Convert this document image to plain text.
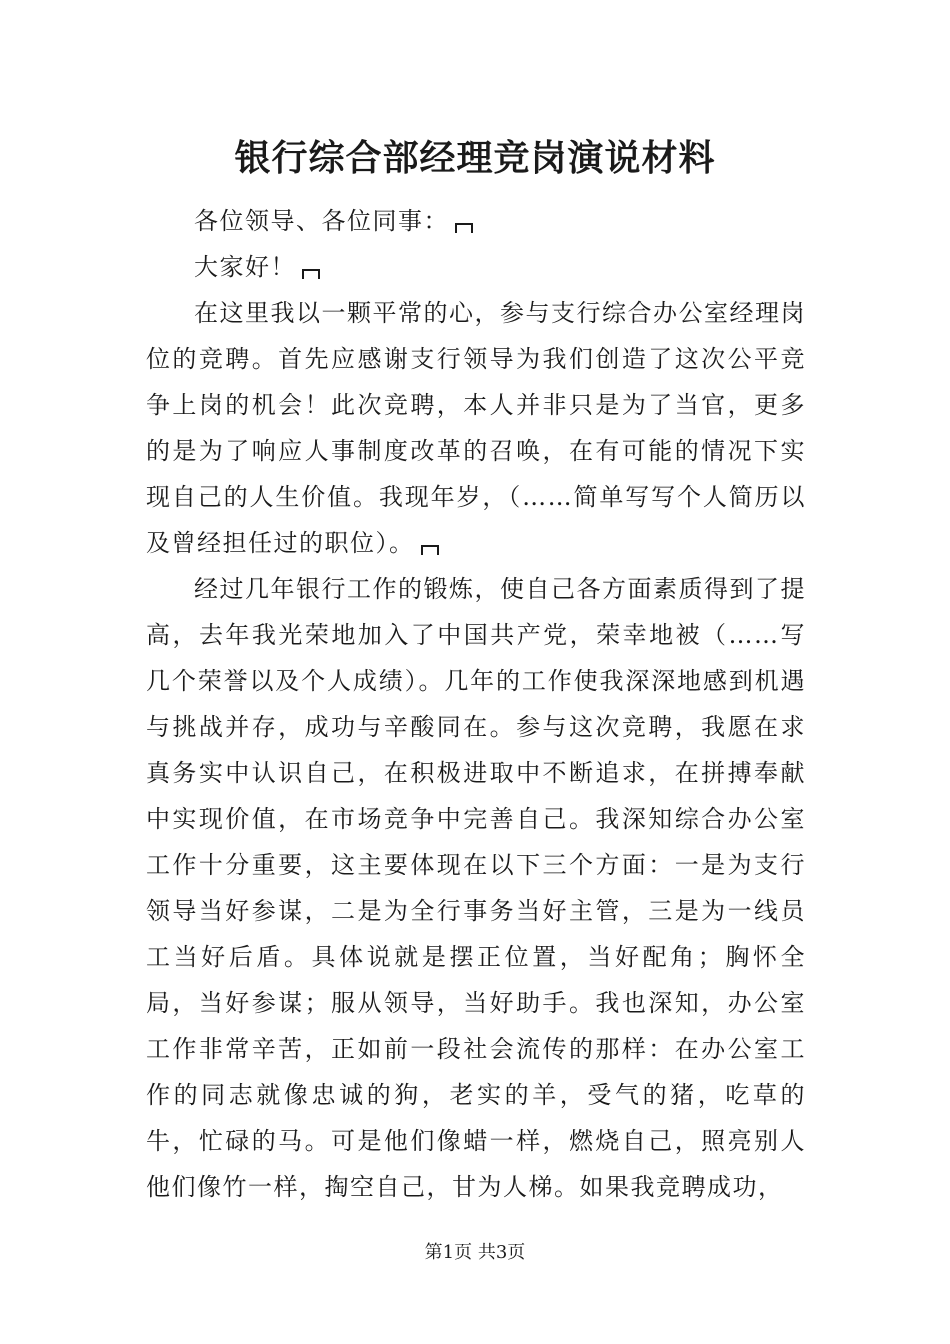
银行综合部经理竞岗演说材料

各位领导、各位同事：

大家好！

在这里我以一颗平常的心，参与支行综合办公室经理岗位的竞聘。首先应感谢支行领导为我们创造了这次公平竞争上岗的机会！此次竞聘，本人并非只是为了当官，更多的是为了响应人事制度改革的召唤，在有可能的情况下实现自己的人生价值。我现年岁，（……简单写写个人简历以及曾经担任过的职位）。

经过几年银行工作的锻炼，使自己各方面素质得到了提高，去年我光荣地加入了中国共产党，荣幸地被（……写几个荣誉以及个人成绩）。几年的工作使我深深地感到机遇与挑战并存，成功与辛酸同在。参与这次竞聘，我愿在求真务实中认识自己，在积极进取中不断追求，在拼搏奉献中实现价值，在市场竞争中完善自己。我深知综合办公室工作十分重要，这主要体现在以下三个方面：一是为支行领导当好参谋，二是为全行事务当好主管，三是为一线员工当好后盾。具体说就是摆正位置，当好配角；胸怀全局，当好参谋；服从领导，当好助手。我也深知，办公室工作非常辛苦，正如前一段社会流传的那样：在办公室工作的同志就像忠诚的狗，老实的羊，受气的猪，吃草的牛，忙碌的马。可是他们像蜡一样，燃烧自己，照亮别人他们像竹一样，掏空自己，甘为人梯。如果我竞聘成功，

第1页 共3页
